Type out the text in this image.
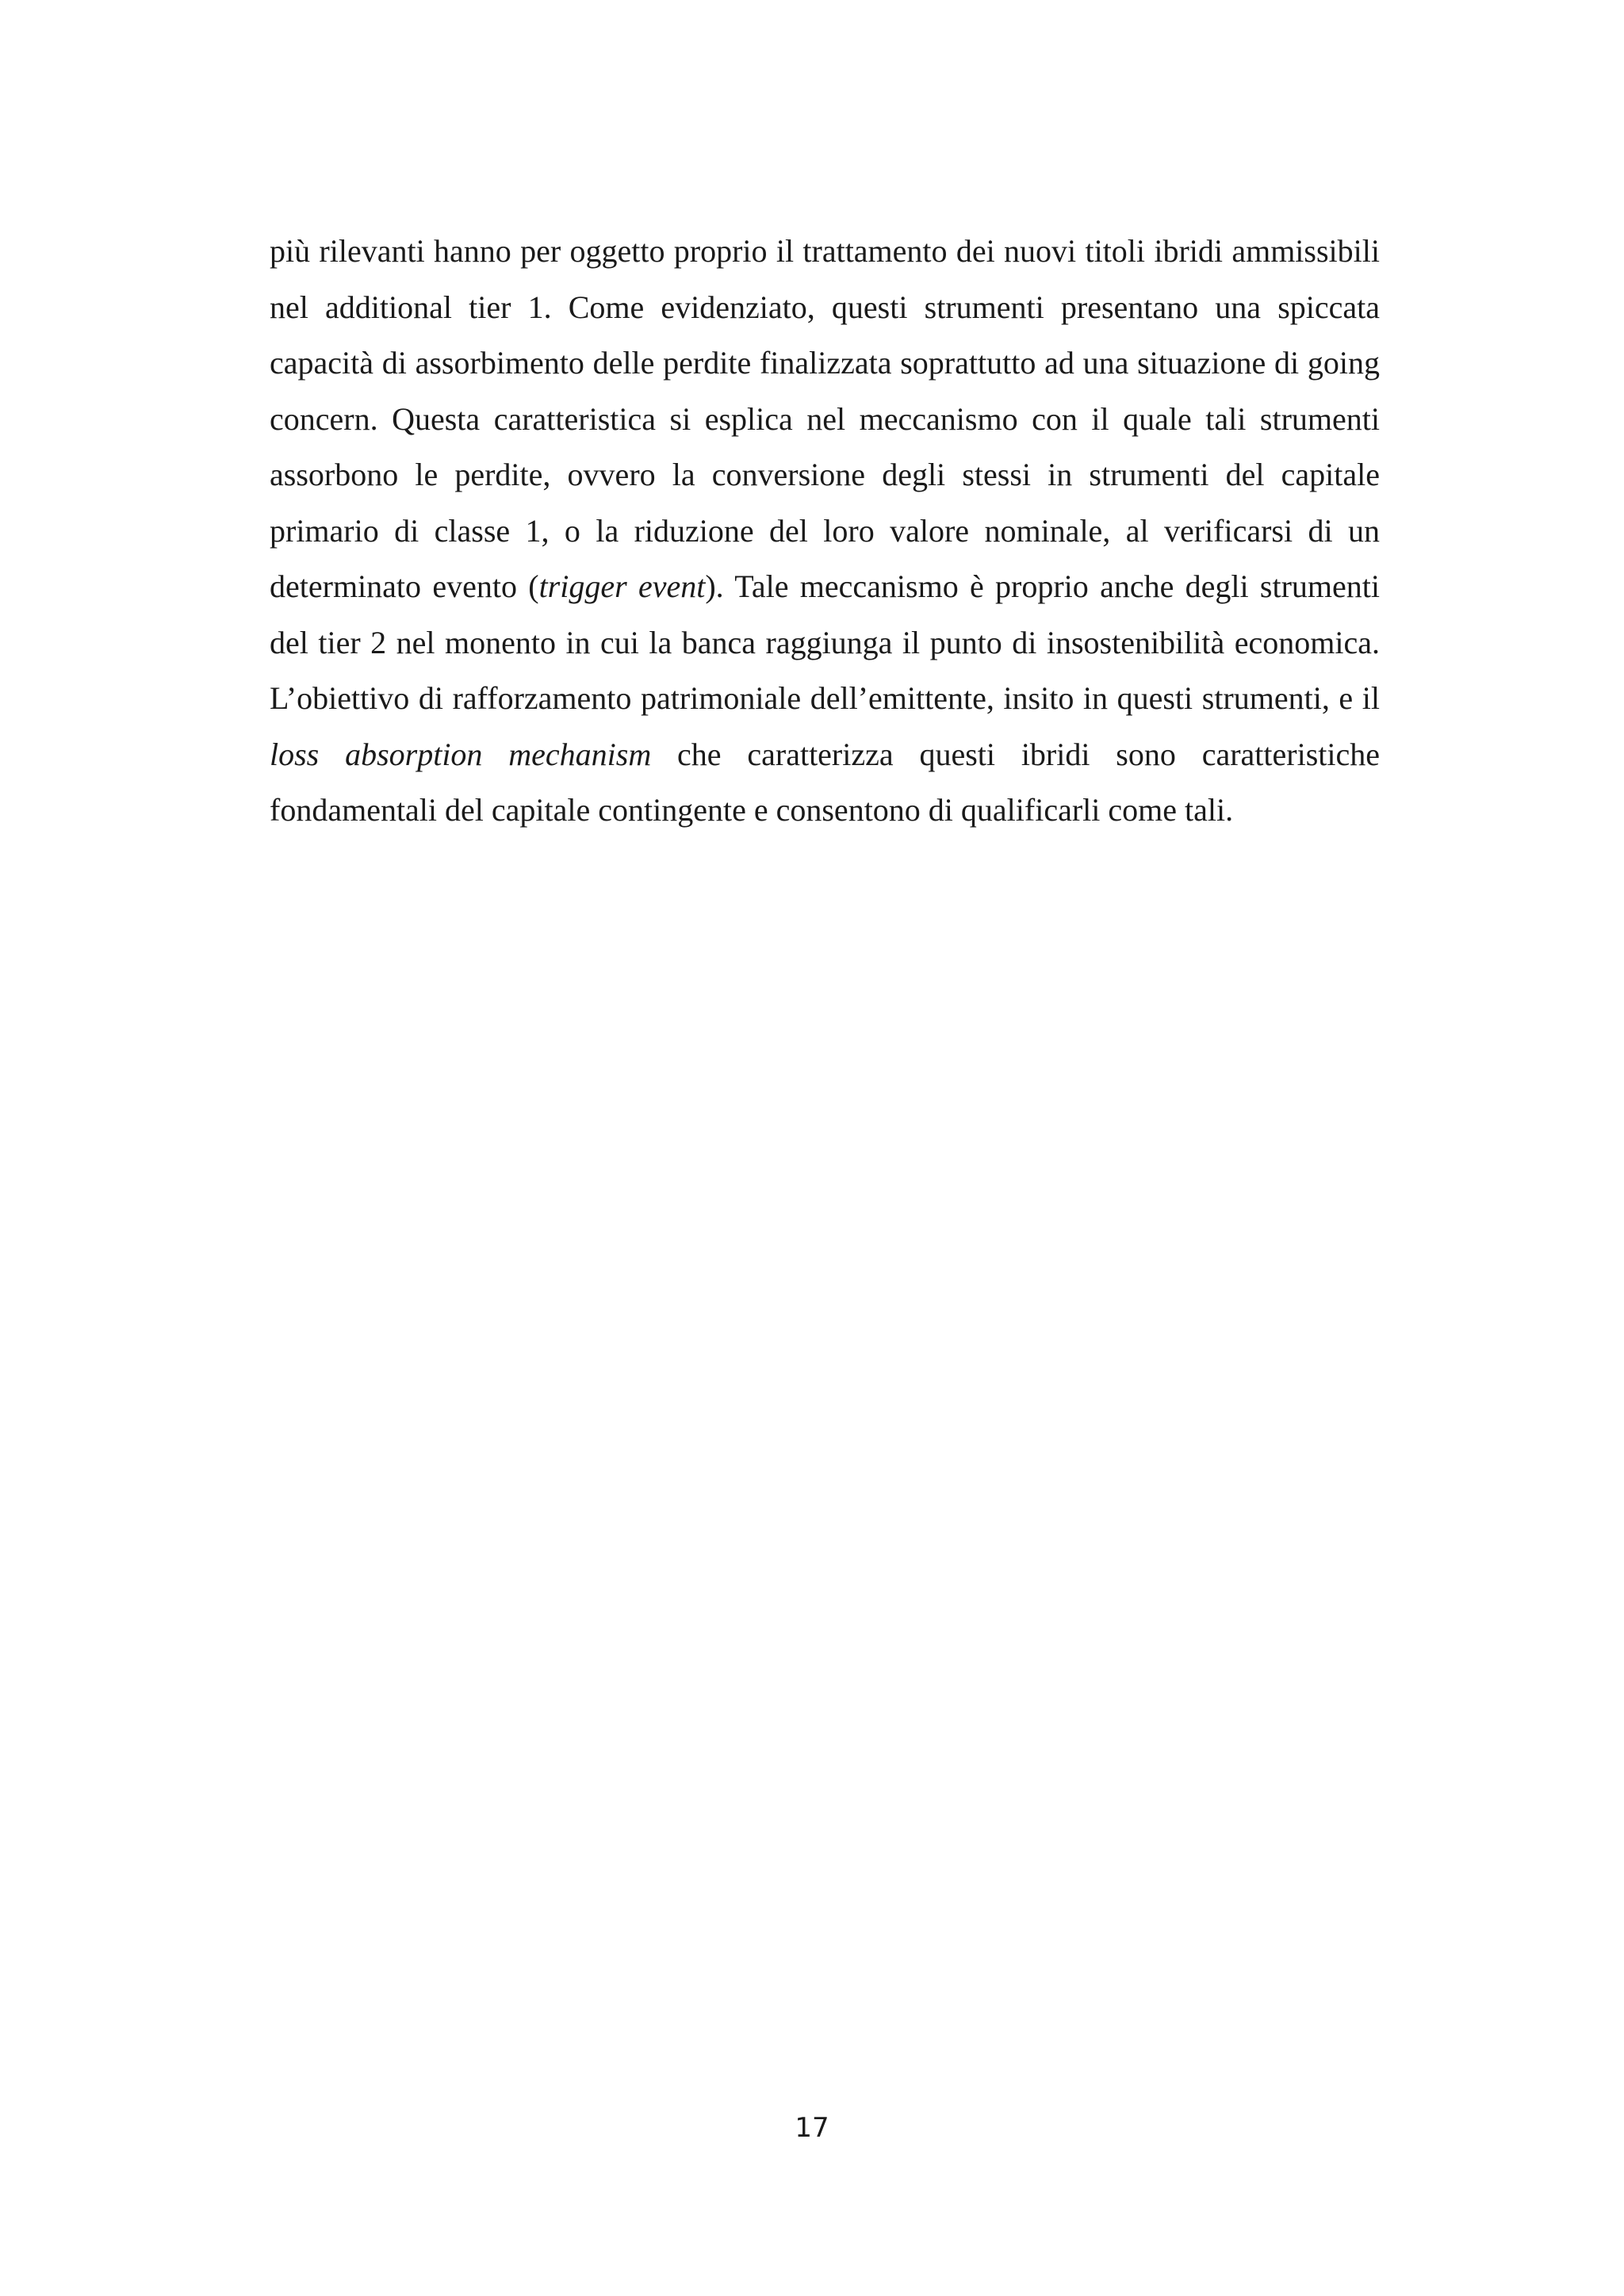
più rilevanti hanno per oggetto proprio il trattamento dei nuovi titoli ibridi ammissibili nel additional tier 1. Come evidenziato, questi strumenti presentano una spiccata capacità di assorbimento delle perdite finalizzata soprattutto ad una situazione di going concern. Questa caratteristica si esplica nel meccanismo con il quale tali strumenti assorbono le perdite, ovvero la conversione degli stessi in strumenti del capitale primario di classe 1, o la riduzione del loro valore nominale, al verificarsi di un determinato evento (trigger event). Tale meccanismo è proprio anche degli strumenti del tier 2 nel monento in cui la banca raggiunga il punto di insostenibilità economica. L’obiettivo di rafforzamento patrimoniale dell’emittente, insito in questi strumenti, e il loss absorption mechanism che caratterizza questi ibridi sono caratteristiche fondamentali del capitale contingente e consentono di qualificarli come tali.

17
